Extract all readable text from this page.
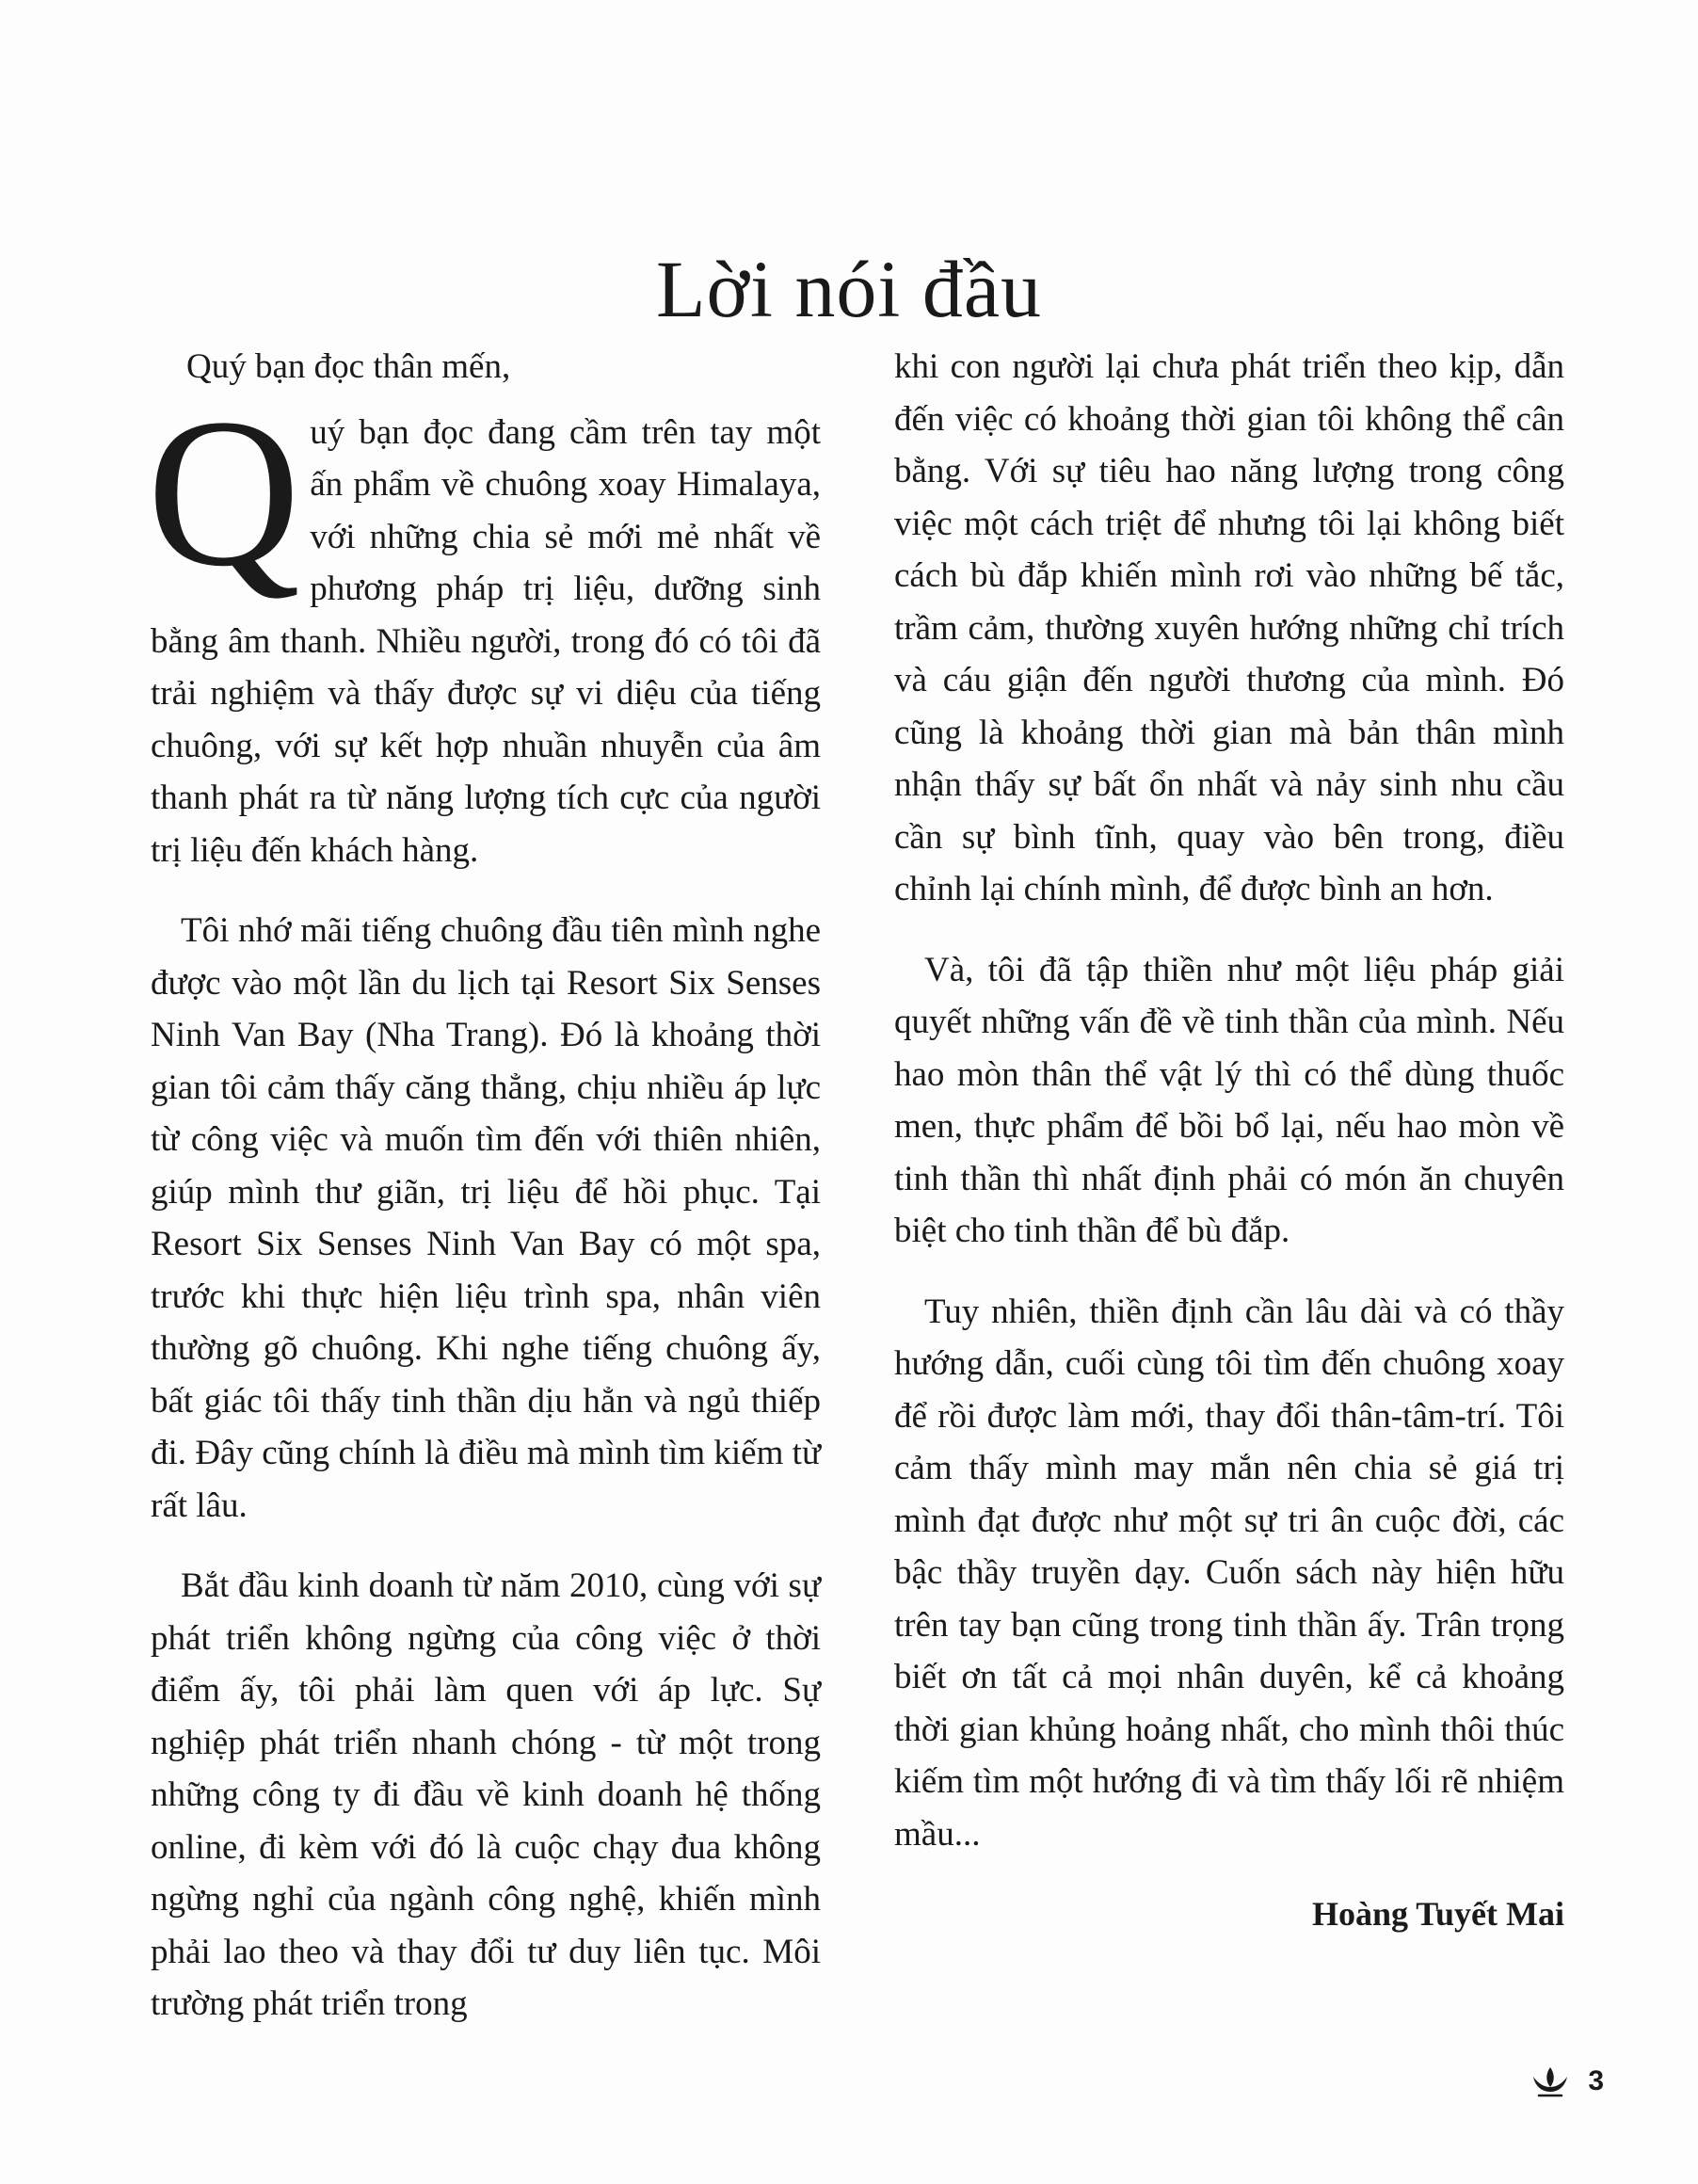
Lời nói đầu

Quý bạn đọc thân mến,

Quý bạn đọc đang cầm trên tay một ấn phẩm về chuông xoay Himalaya, với những chia sẻ mới mẻ nhất về phương pháp trị liệu, dưỡng sinh bằng âm thanh. Nhiều người, trong đó có tôi đã trải nghiệm và thấy được sự vi diệu của tiếng chuông, với sự kết hợp nhuần nhuyễn của âm thanh phát ra từ năng lượng tích cực của người trị liệu đến khách hàng.

Tôi nhớ mãi tiếng chuông đầu tiên mình nghe được vào một lần du lịch tại Resort Six Senses Ninh Van Bay (Nha Trang). Đó là khoảng thời gian tôi cảm thấy căng thẳng, chịu nhiều áp lực từ công việc và muốn tìm đến với thiên nhiên, giúp mình thư giãn, trị liệu để hồi phục. Tại Resort Six Senses Ninh Van Bay có một spa, trước khi thực hiện liệu trình spa, nhân viên thường gõ chuông. Khi nghe tiếng chuông ấy, bất giác tôi thấy tinh thần dịu hẳn và ngủ thiếp đi. Đây cũng chính là điều mà mình tìm kiếm từ rất lâu.

Bắt đầu kinh doanh từ năm 2010, cùng với sự phát triển không ngừng của công việc ở thời điểm ấy, tôi phải làm quen với áp lực. Sự nghiệp phát triển nhanh chóng - từ một trong những công ty đi đầu về kinh doanh hệ thống online, đi kèm với đó là cuộc chạy đua không ngừng nghỉ của ngành công nghệ, khiến mình phải lao theo và thay đổi tư duy liên tục. Môi trường phát triển trong

khi con người lại chưa phát triển theo kịp, dẫn đến việc có khoảng thời gian tôi không thể cân bằng. Với sự tiêu hao năng lượng trong công việc một cách triệt để nhưng tôi lại không biết cách bù đắp khiến mình rơi vào những bế tắc, trầm cảm, thường xuyên hướng những chỉ trích và cáu giận đến người thương của mình. Đó cũng là khoảng thời gian mà bản thân mình nhận thấy sự bất ổn nhất và nảy sinh nhu cầu cần sự bình tĩnh, quay vào bên trong, điều chỉnh lại chính mình, để được bình an hơn.

Và, tôi đã tập thiền như một liệu pháp giải quyết những vấn đề về tinh thần của mình. Nếu hao mòn thân thể vật lý thì có thể dùng thuốc men, thực phẩm để bồi bổ lại, nếu hao mòn về tinh thần thì nhất định phải có món ăn chuyên biệt cho tinh thần để bù đắp.

Tuy nhiên, thiền định cần lâu dài và có thầy hướng dẫn, cuối cùng tôi tìm đến chuông xoay để rồi được làm mới, thay đổi thân-tâm-trí. Tôi cảm thấy mình may mắn nên chia sẻ giá trị mình đạt được như một sự tri ân cuộc đời, các bậc thầy truyền dạy. Cuốn sách này hiện hữu trên tay bạn cũng trong tinh thần ấy. Trân trọng biết ơn tất cả mọi nhân duyên, kể cả khoảng thời gian khủng hoảng nhất, cho mình thôi thúc kiếm tìm một hướng đi và tìm thấy lối rẽ nhiệm mầu...

Hoàng Tuyết Mai
3
